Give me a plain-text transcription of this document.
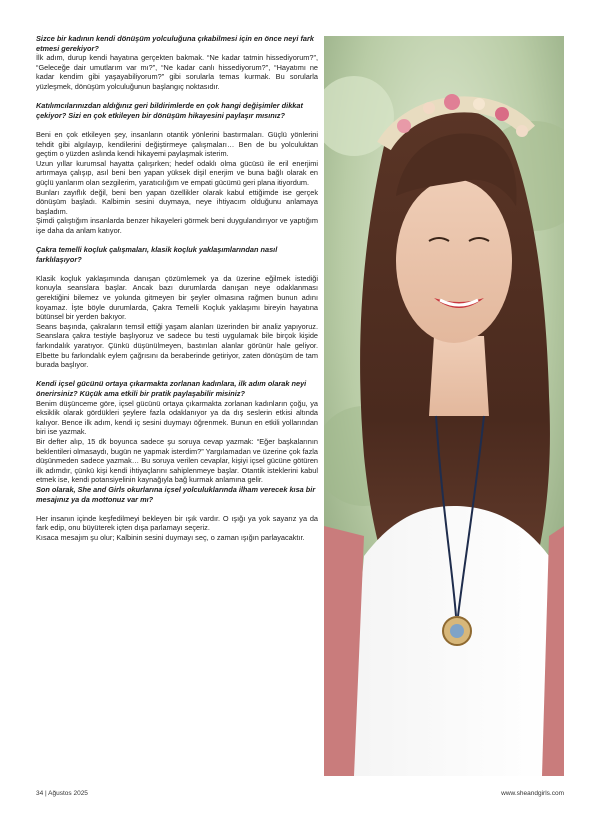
Sizce bir kadının kendi dönüşüm yolculuğuna çıkabilmesi için en önce neyi fark etmesi gerekiyor?

İlk adım, durup kendi hayatına gerçekten bakmak. “Ne kadar tatmin hissediyorum?”, “Geleceğe dair umutlarım var mı?”, “Ne kadar canlı hissediyorum?”, “Hayatımı ne kadar kendim gibi yaşayabiliyorum?” gibi sorularla temas kurmak. Bu sorularla yüzleşmek, dönüşüm yolculuğunun başlangıç noktasıdır.

Katılımcılarınızdan aldığınız geri bildirimlerde en çok hangi değişimler dikkat çekiyor? Sizi en çok etkileyen bir dönüşüm hikayesini paylaşır mısınız?

Beni en çok etkileyen şey, insanların otantik yönlerini bastırmaları. Güçlü yönlerini tehdit gibi algılayıp, kendilerini değiştirmeye çalışmaları… Ben de bu yolculuktan geçtim o yüzden aslında kendi hikayemi paylaşmak isterim.

Uzun yıllar kurumsal hayatta çalışırken; hedef odaklı olma gücüsü ile eril enerjimi artırmaya çalışıp, asıl beni ben yapan yüksek dişil enerjim ve buna bağlı olarak en güçlü yanlarım olan sezgilerim, yaratıcılığım ve empati gücümü geri plana itiyordum.

Bunları zayıflık değil, beni ben yapan özellikler olarak kabul ettiğimde ise gerçek dönüşüm başladı. Kalbimin sesini duymaya, neye ihtiyacım olduğunu anlamaya başladım.

Şimdi çalıştığım insanlarda benzer hikayeleri görmek beni duygulandırıyor ve yaptığım işe daha da anlam katıyor.

Çakra temelli koçluk çalışmaları, klasik koçluk yaklaşımlarından nasıl farklılaşıyor?

Klasik koçluk yaklaşımında danışan çözümlemek ya da üzerine eğilmek istediği konuyla seanslara başlar. Ancak bazı durumlarda danışan neye odaklanması gerektiğini bilemez ve yolunda gitmeyen bir şeyler olmasına rağmen bunun adını koyamaz. İşte böyle durumlarda, Çakra Temelli Koçluk yaklaşımı bireyin hayatına bütünsel bir yerden bakıyor.

Seans başında, çakraların temsil ettiği yaşam alanları üzerinden bir analiz yapıyoruz. Seanslara çakra testiyle başlıyoruz ve sadece bu testi uygulamak bile birçok kişide farkındalık yaratıyor. Çünkü düşünülmeyen, bastırılan alanlar görünür hale geliyor. Elbette bu farkındalık eylem çağrısını da beraberinde getiriyor, zaten dönüşüm de tam burada başlıyor.

Kendi içsel gücünü ortaya çıkarmakta zorlanan kadınlara, ilk adım olarak neyi önerirsiniz? Küçük ama etkili bir pratik paylaşabilir misiniz?

Benim düşünceme göre, içsel gücünü ortaya çıkarmakta zorlanan kadınların çoğu, ya eksiklik olarak gördükleri şeylere fazla odaklanıyor ya da dış seslerin etkisi altında kalıyor. Bence ilk adım, kendi iç sesini duymayı öğrenmek. Bunun en etkili yollarından biri ise yazmak.

Bir defter alıp, 15 dk boyunca sadece şu soruya cevap yazmak: “Eğer başkalarının beklentileri olmasaydı, bugün ne yapmak isterdim?” Yargılamadan ve üzerine çok fazla düşünmeden sadece yazmak… Bu soruya verilen cevaplar, kişiyi içsel gücüne götüren ilk adımdır, çünkü kişi kendi ihtiyaçlarını sahiplenmeye başlar. Otantik isteklerini kabul etmek ise, kendi potansiyelinin kaynağıyla bağ kurmak anlamına gelir.

Son olarak, She and Girls okurlarına içsel yolculuklarında ilham verecek kısa bir mesajınız ya da mottonuz var mı?

Her insanın içinde keşfedilmeyi bekleyen bir ışık vardır. O ışığı ya yok sayarız ya da fark edip, onu büyüterek içten dışa parlamayı seçeriz.

Kısaca mesajım şu olur; Kalbinin sesini duymayı seç, o zaman ışığın parlayacaktır.

34 | Ağustos 2025	www.sheandgirls.com
